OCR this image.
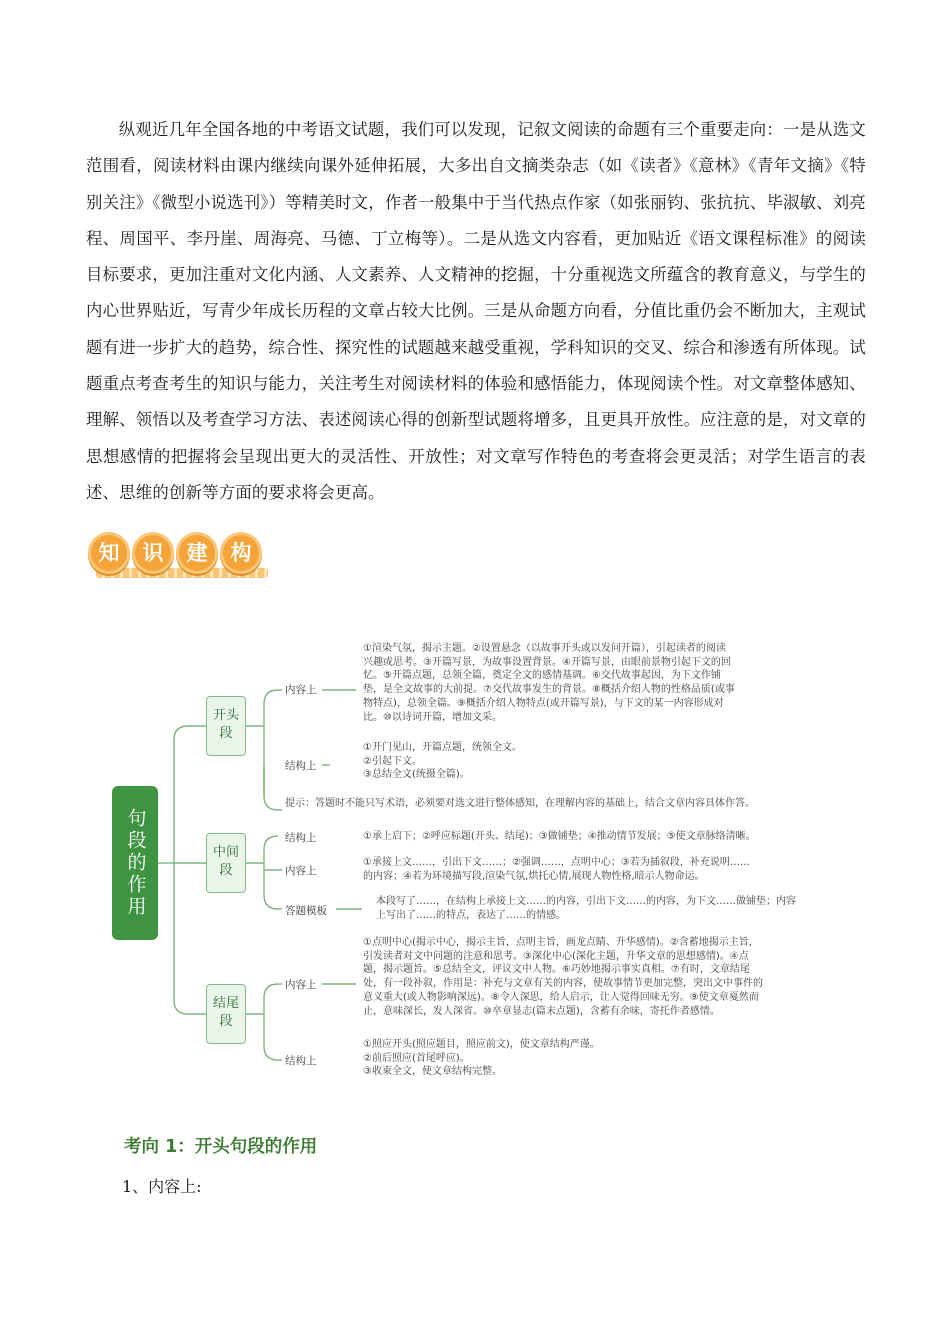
纵观近几年全国各地的中考语文试题，我们可以发现，记叙文阅读的命题有三个重要走向：一是从选文范围看，阅读材料由课内继续向课外延伸拓展，大多出自文摘类杂志（如《读者》《意林》《青年文摘》《特别关注》《微型小说选刊》）等精美时文，作者一般集中于当代热点作家（如张丽钧、张抗抗、毕淑敏、刘亮程、周国平、李丹崖、周海亮、马德、丁立梅等）。二是从选文内容看，更加贴近《语文课程标准》的阅读目标要求，更加注重对文化内涵、人文素养、人文精神的挖掘，十分重视选文所蕴含的教育意义，与学生的内心世界贴近，写青少年成长历程的文章占较大比例。三是从命题方向看，分值比重仍会不断加大，主观试题有进一步扩大的趋势，综合性、探究性的试题越来越受重视，学科知识的交叉、综合和渗透有所体现。试题重点考查考生的知识与能力，关注考生对阅读材料的体验和感悟能力，体现阅读个性。对文章整体感知、理解、领悟以及考查学习方法、表述阅读心得的创新型试题将增多，且更具开放性。应注意的是，对文章的思想感情的把握将会呈现出更大的灵活性、开放性；对文章写作特色的考查将会更灵活；对学生语言的表述、思维的创新等方面的要求将会更高。

知	识	建	构
句段的作用
开头段
中间段
结尾段
内容上
①渲染气氛，揭示主题。②设置悬念（以故事开头或以发问开篇），引起读者的阅读
兴趣或思考。③开篇写景，为故事设置背景。④开篇写景，由眼前景物引起下文的回
忆。⑤开篇点题，总领全篇，奠定全文的感情基调。⑥交代故事起因，为下文作铺
垫，是全文故事的大前提。⑦交代故事发生的背景。⑧概括介绍人物的性格品质(或事
物特点)，总领全篇。⑨概括介绍人物特点(或开篇写景)，与下文的某一内容形成对
比。⑩以诗词开篇，增加文采。
结构上
①开门见山，开篇点题，统领全文。
②引起下文。
③总结全文(统摄全篇)。
提示：答题时不能只写术语，必须要对选文进行整体感知，在理解内容的基础上，结合文章内容具体作答。
结构上	①承上启下；②呼应标题(开头、结尾)；③做铺垫；④推动情节发展；⑤使文章脉络清晰。
内容上
①承接上文……，引出下文……；②强调……，点明中心；③若为插叙段，补充说明……
的内容；④若为环境描写段,渲染气氛,烘托心情,展现人物性格,暗示人物命运。
答题模板
本段写了……，在结构上承接上文……的内容，引出下文……的内容，为下文……做铺垫；内容
上写出了……的特点，表达了……的情感。
内容上
①点明中心(揭示中心，揭示主旨，点明主旨，画龙点睛、升华感情)。②含蓄地揭示主旨，
引发读者对文中问题的注意和思考。③深化中心(深化主题，升华文章的思想感情)。④点
题，揭示题旨。⑤总结全文，评议文中人物。⑥巧妙地揭示事实真相。⑦有时，文章结尾
处，有一段补叙，作用是：补充与文章有关的内容，使故事情节更加完整，突出文中事件的
意义重大(或人物影响深远)。⑧令人深思，给人启示，让人觉得回味无穷。⑨使文章戛然而
止，意味深长，发人深省。⑩卒章显志(篇末点题)，含蓄有余味，寄托作者感情。
结构上
①照应开头(照应题目，照应前文)，使文章结构严谨。
②前后照应(首尾呼应)。
③收束全文，使文章结构完整。
考向 1：开头句段的作用

1、内容上:
